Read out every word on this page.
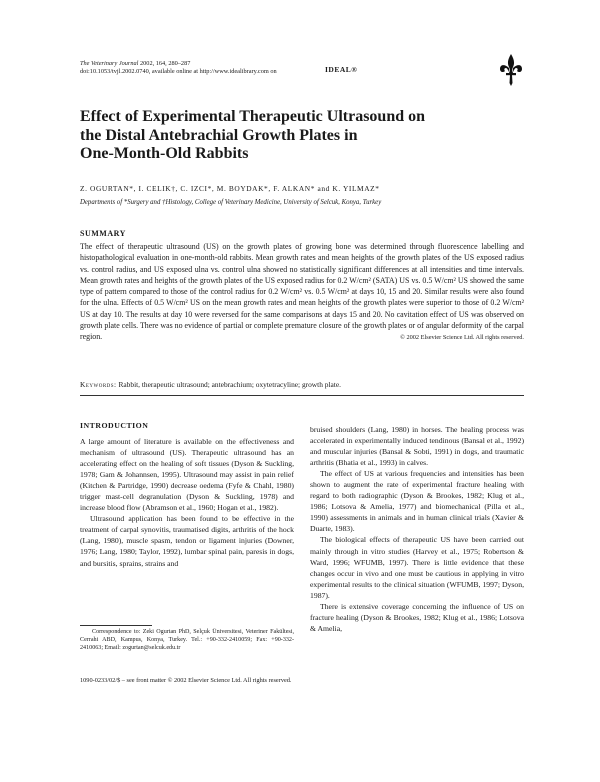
The Veterinary Journal 2002, 164, 280–287
doi:10.1053/tvjl.2002.0740, available online at http://www.idealibrary.com on	IDEAL®
Effect of Experimental Therapeutic Ultrasound on
the Distal Antebrachial Growth Plates in
One-Month-Old Rabbits
Z. OGURTAN*, I. CELIK†, C. IZCI*, M. BOYDAK*, F. ALKAN* and K. YILMAZ*
Departments of *Surgery and †Histology, College of Veterinary Medicine, University of Selcuk, Konya, Turkey
SUMMARY
The effect of therapeutic ultrasound (US) on the growth plates of growing bone was determined through fluorescence labelling and histopathological evaluation in one-month-old rabbits. Mean growth rates and mean heights of the growth plates of the US exposed radius vs. control radius, and US exposed ulna vs. control ulna showed no statistically significant differences at all intensities and time intervals. Mean growth rates and heights of the growth plates of the US exposed radius for 0.2 W/cm² (SATA) US vs. 0.5 W/cm² US showed the same type of pattern compared to those of the control radius for 0.2 W/cm² vs. 0.5 W/cm² at days 10, 15 and 20. Similar results were also found for the ulna. Effects of 0.5 W/cm² US on the mean growth rates and mean heights of the growth plates were superior to those of 0.2 W/cm² US at day 10. The results at day 10 were reversed for the same comparisons at days 15 and 20. No cavitation effect of US was observed on growth plate cells. There was no evidence of partial or complete premature closure of the growth plates or of angular deformity of the carpal region.	© 2002 Elsevier Science Ltd. All rights reserved.
Keywords: Rabbit, therapeutic ultrasound; antebrachium; oxytetracyline; growth plate.
INTRODUCTION

A large amount of literature is available on the effectiveness and mechanism of ultrasound (US). Therapeutic ultrasound has an accelerating effect on the healing of soft tissues (Dyson & Suckling, 1978; Gam & Johannsen, 1995). Ultrasound may assist in pain relief (Kitchen & Partridge, 1990) decrease oedema (Fyfe & Chahl, 1980) trigger mast-cell degranulation (Dyson & Suckling, 1978) and increase blood flow (Abramson et al., 1960; Hogan et al., 1982).

Ultrasound application has been found to be effective in the treatment of carpal synovitis, traumatised digits, arthritis of the hock (Lang, 1980), muscle spasm, tendon or ligament injuries (Downer, 1976; Lang, 1980; Taylor, 1992), lumbar spinal pain, paresis in dogs, and bursitis, sprains, strains and

bruised shoulders (Lang, 1980) in horses. The healing process was accelerated in experimentally induced tendinous (Bansal et al., 1992) and muscular injuries (Bansal & Sobti, 1991) in dogs, and traumatic arthritis (Bhatia et al., 1993) in calves.

The effect of US at various frequencies and intensities has been shown to augment the rate of experimental fracture healing with regard to both radiographic (Dyson & Brookes, 1982; Klug et al., 1986; Lotsova & Amelia, 1977) and biomechanical (Pilla et al., 1990) assessments in animals and in human clinical trials (Xavier & Duarte, 1983).

The biological effects of therapeutic US have been carried out mainly through in vitro studies (Harvey et al., 1975; Robertson & Ward, 1996; WFUMB, 1997). There is little evidence that these changes occur in vivo and one must be cautious in applying in vitro experimental results to the clinical situation (WFUMB, 1997; Dyson, 1987).

There is extensive coverage concerning the influence of US on fracture healing (Dyson & Brookes, 1982; Klug et al., 1986; Lotsova & Amelia,

Correspondence to: Zeki Ogurtan PhD, Selçuk Üniversitesi, Veteriner Fakültesi, Cerrahi ABD, Kampus, Konya, Turkey. Tel.: +90-332-2410059; Fax: +90-332-2410063; Email: zogurtan@selcuk.edu.tr
1090-0233/02/$ – see front matter © 2002 Elsevier Science Ltd. All rights reserved.
